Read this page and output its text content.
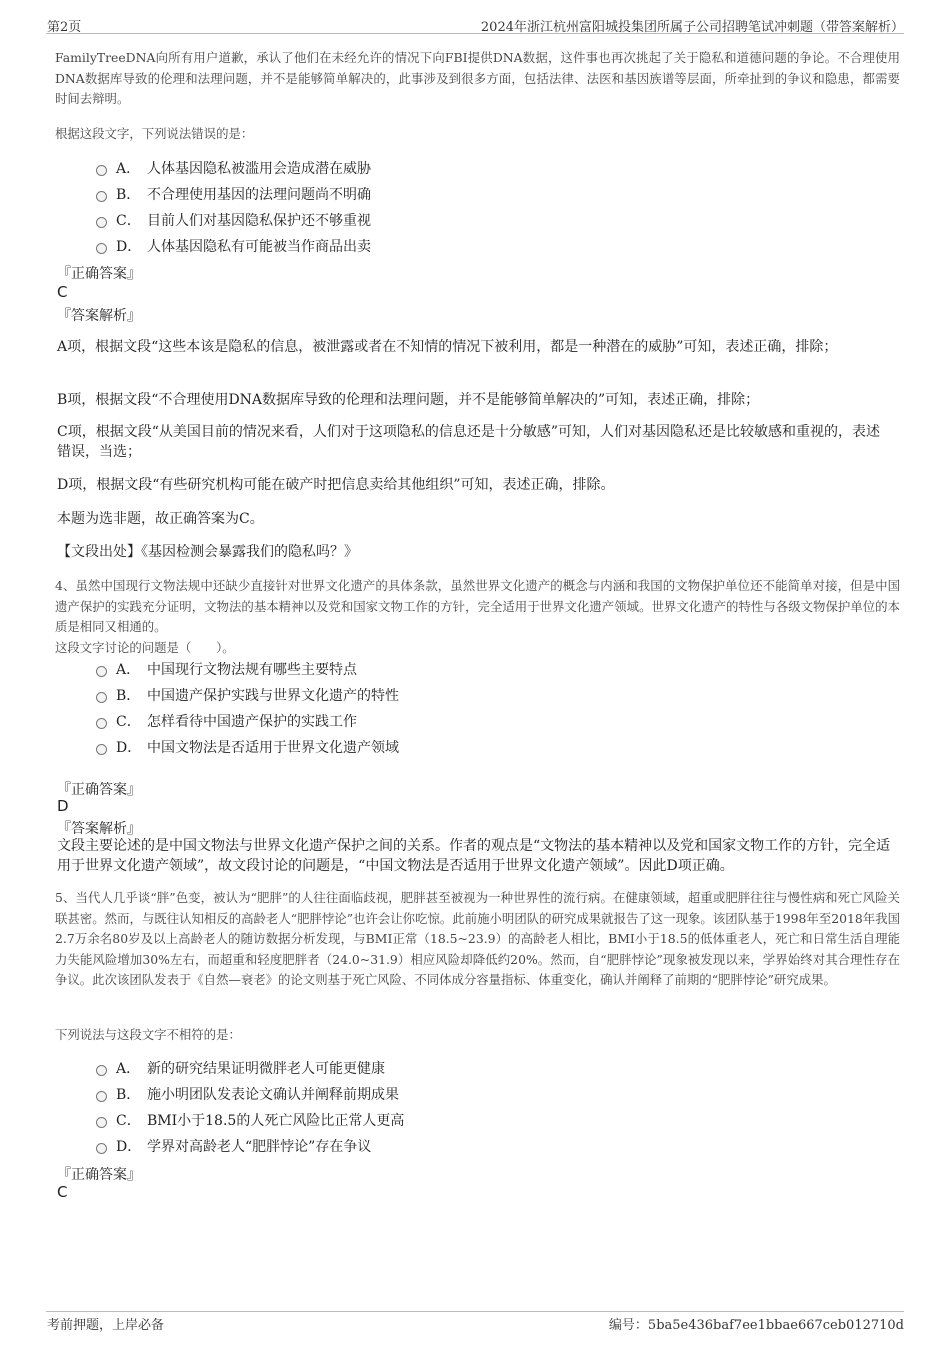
第2页	2024年浙江杭州富阳城投集团所属子公司招聘笔试冲刺题（带答案解析）
FamilyTreeDNA向所有用户道歉，承认了他们在未经允许的情况下向FBI提供DNA数据，这件事也再次挑起了关于隐私和道德问题的争论。不合理使用DNA数据库导致的伦理和法理问题，并不是能够简单解决的，此事涉及到很多方面，包括法律、法医和基因族谱等层面，所牵扯到的争议和隐患，都需要时间去辩明。
根据这段文字，下列说法错误的是：
A． 人体基因隐私被滥用会造成潜在威胁
B． 不合理使用基因的法理问题尚不明确
C． 目前人们对基因隐私保护还不够重视
D． 人体基因隐私有可能被当作商品出卖
『正确答案』
C
『答案解析』
A项，根据文段“这些本该是隐私的信息，被泄露或者在不知情的情况下被利用，都是一种潜在的威胁”可知，表述正确，排除；
B项，根据文段“不合理使用DNA数据库导致的伦理和法理问题，并不是能够简单解决的”可知，表述正确，排除；
C项，根据文段“从美国目前的情况来看，人们对于这项隐私的信息还是十分敏感”可知，人们对基因隐私还是比较敏感和重视的，表述错误，当选；
D项，根据文段“有些研究机构可能在破产时把信息卖给其他组织”可知，表述正确，排除。
本题为选非题，故正确答案为C。
【文段出处】《基因检测会暴露我们的隐私吗？》
4、虽然中国现行文物法规中还缺少直接针对世界文化遗产的具体条款，虽然世界文化遗产的概念与内涵和我国的文物保护单位还不能简单对接，但是中国遗产保护的实践充分证明，文物法的基本精神以及党和国家文物工作的方针，完全适用于世界文化遗产领域。世界文化遗产的特性与各级文物保护单位的本质是相同又相通的。
这段文字讨论的问题是（　　）。
A． 中国现行文物法规有哪些主要特点
B． 中国遗产保护实践与世界文化遗产的特性
C． 怎样看待中国遗产保护的实践工作
D． 中国文物法是否适用于世界文化遗产领域
『正确答案』
D
『答案解析』
文段主要论述的是中国文物法与世界文化遗产保护之间的关系。作者的观点是“文物法的基本精神以及党和国家文物工作的方针，完全适用于世界文化遗产领域”，故文段讨论的问题是，“中国文物法是否适用于世界文化遗产领域”。因此D项正确。
5、当代人几乎谈“胖”色变，被认为“肥胖”的人往往面临歧视，肥胖甚至被视为一种世界性的流行病。在健康领域，超重或肥胖往往与慢性病和死亡风险关联甚密。然而，与既往认知相反的高龄老人“肥胖悖论”也许会让你吃惊。此前施小明团队的研究成果就报告了这一现象。该团队基于1998年至2018年我国2.7万余名80岁及以上高龄老人的随访数据分析发现，与BMI正常（18.5~23.9）的高龄老人相比，BMI小于18.5的低体重老人，死亡和日常生活自理能力失能风险增加30%左右，而超重和轻度肥胖者（24.0~31.9）相应风险却降低约20%。然而，自“肥胖悖论”现象被发现以来，学界始终对其合理性存在争议。此次该团队发表于《自然—衰老》的论文则基于死亡风险、不同体成分容量指标、体重变化，确认并阐释了前期的“肥胖悖论”研究成果。
下列说法与这段文字不相符的是：
A． 新的研究结果证明微胖老人可能更健康
B． 施小明团队发表论文确认并阐释前期成果
C． BMI小于18.5的人死亡风险比正常人更高
D． 学界对高龄老人“肥胖悖论”存在争议
『正确答案』
C
考前押题，上岸必备	编号：5ba5e436baf7ee1bbae667ceb012710d
